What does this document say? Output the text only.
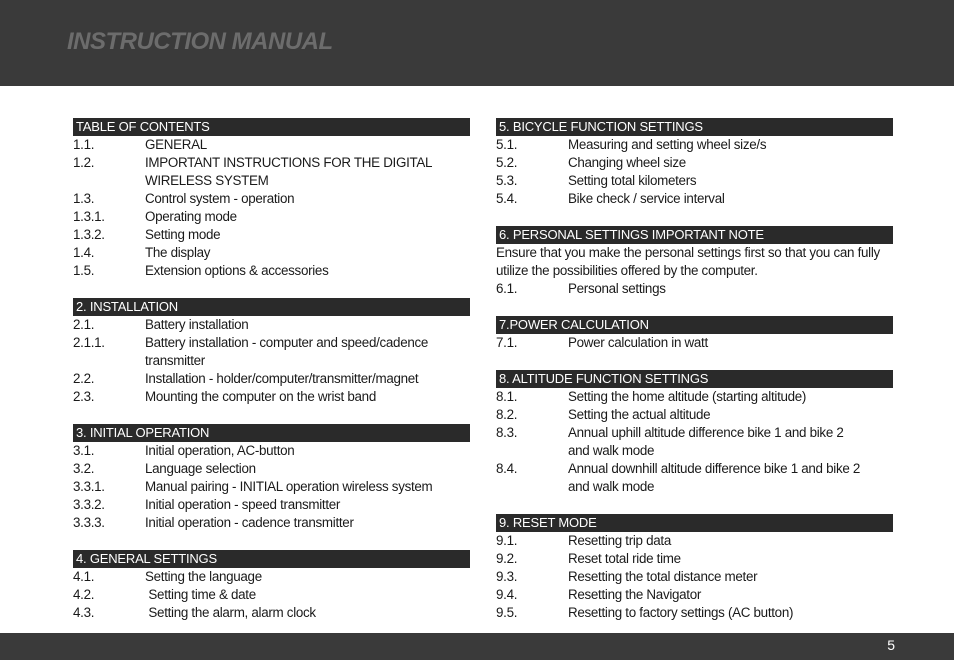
INSTRUCTION MANUAL
TABLE OF CONTENTS
1.1.	GENERAL
1.2.	IMPORTANT INSTRUCTIONS FOR THE DIGITAL
WIRELESS SYSTEM
1.3.	Control system - operation
1.3.1.	Operating mode
1.3.2.	Setting mode
1.4.	The display
1.5.	Extension options & accessories
2. INSTALLATION
2.1.	Battery installation
2.1.1.	Battery installation - computer and speed/cadence
transmitter
2.2.	Installation - holder/computer/transmitter/magnet
2.3.	Mounting the computer on the wrist band
3. INITIAL OPERATION
3.1.	Initial operation, AC-button
3.2.	Language selection
3.3.1.	Manual pairing - INITIAL operation wireless system
3.3.2.	Initial operation - speed transmitter
3.3.3.	Initial operation - cadence transmitter
4. GENERAL SETTINGS
4.1.	Setting the language
4.2.	Setting time & date
4.3.	Setting the alarm, alarm clock
5. BICYCLE FUNCTION SETTINGS
5.1.	Measuring and setting wheel size/s
5.2.	Changing wheel size
5.3.	Setting total kilometers
5.4.	Bike check / service interval
6. PERSONAL SETTINGS IMPORTANT NOTE
Ensure that you make the personal settings first so that you can fully utilize the possibilities offered by the computer.
6.1.	Personal settings
7.POWER CALCULATION
7.1.	Power calculation in watt
8. ALTITUDE FUNCTION SETTINGS
8.1.	Setting the home altitude (starting altitude)
8.2.	Setting the actual altitude
8.3.	Annual uphill altitude difference bike 1 and bike 2
and walk mode
8.4.	Annual downhill altitude difference bike 1 and bike 2
and walk mode
9. RESET MODE
9.1.	Resetting trip data
9.2.	Reset total ride time
9.3.	Resetting the total distance meter
9.4.	Resetting the Navigator
9.5.	Resetting to factory settings (AC button)
5
